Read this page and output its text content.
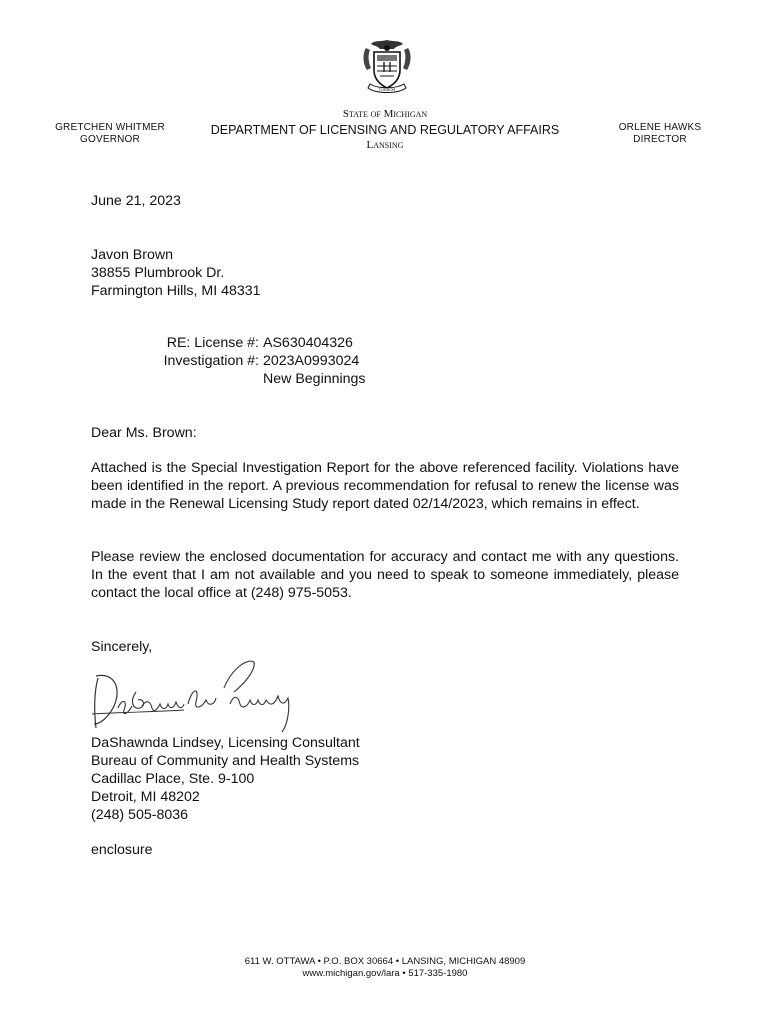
TUEBOR
GRETCHEN WHITMER
GOVERNOR
State of Michigan
DEPARTMENT OF LICENSING AND REGULATORY AFFAIRS
Lansing
ORLENE HAWKS
DIRECTOR
June 21, 2023
Javon Brown
38855 Plumbrook Dr.
Farmington Hills, MI 48331
RE: License #: AS630404326
Investigation #: 2023A0993024
New Beginnings
Dear Ms. Brown:

Attached is the Special Investigation Report for the above referenced facility. Violations have been identified in the report. A previous recommendation for refusal to renew the license was made in the Renewal Licensing Study report dated 02/14/2023, which remains in effect.

Please review the enclosed documentation for accuracy and contact me with any questions. In the event that I am not available and you need to speak to someone immediately, please contact the local office at (248) 975-5053.

Sincerely,
DaShawnda Lindsey, Licensing Consultant
Bureau of Community and Health Systems
Cadillac Place, Ste. 9-100
Detroit, MI 48202
(248) 505-8036
enclosure
611 W. OTTAWA • P.O. BOX 30664 • LANSING, MICHIGAN 48909
www.michigan.gov/lara • 517-335-1980
